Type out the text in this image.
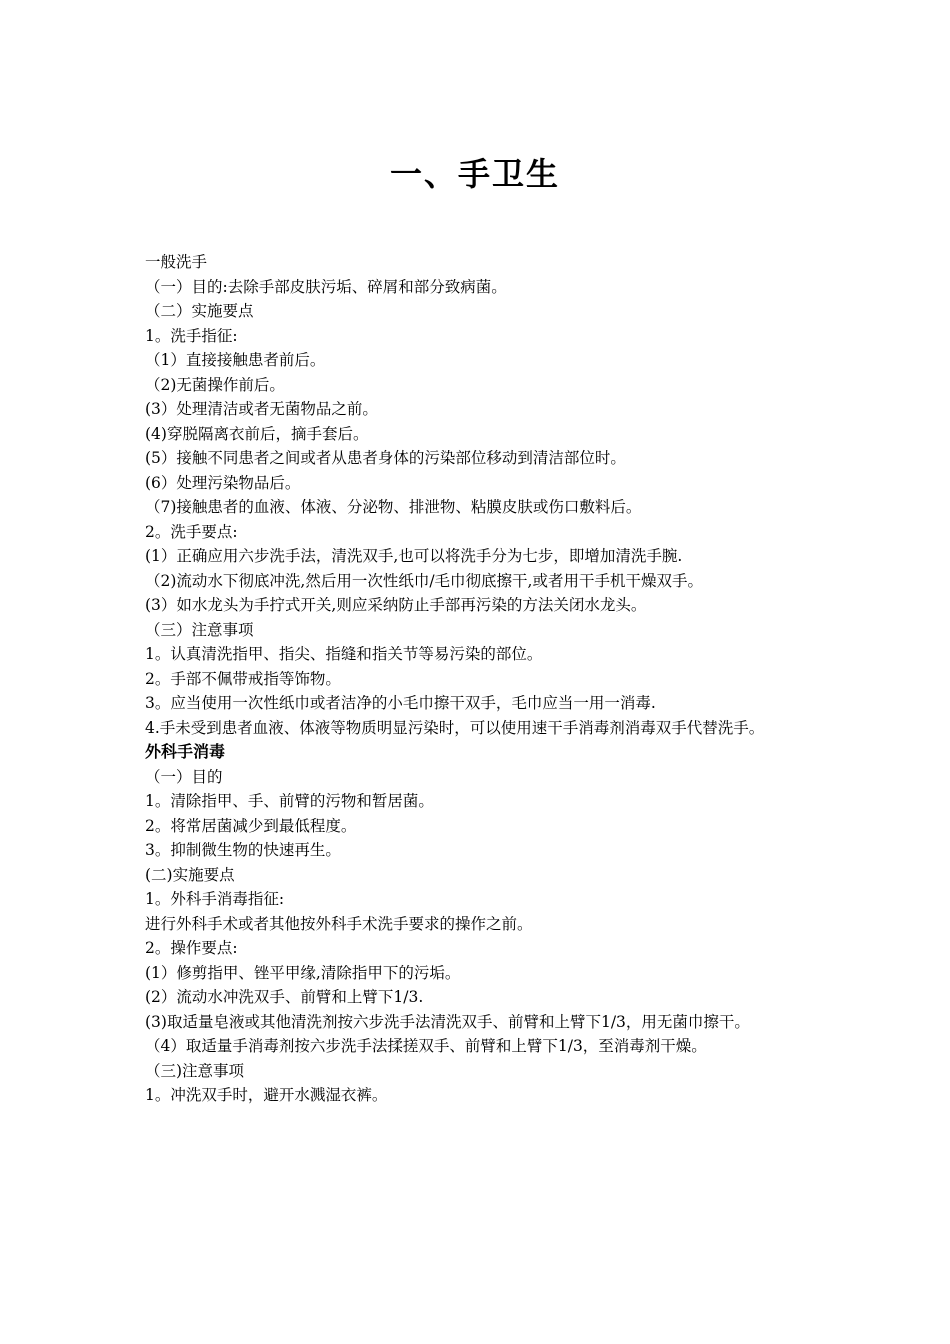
一、手卫生

一般洗手

（一）目的:去除手部皮肤污垢、碎屑和部分致病菌。

（二）实施要点

1。洗手指征:

（1）直接接触患者前后。

（2)无菌操作前后。

(3）处理清洁或者无菌物品之前。

(4)穿脱隔离衣前后，摘手套后。

(5）接触不同患者之间或者从患者身体的污染部位移动到清洁部位时。

(6）处理污染物品后。

（7)接触患者的血液、体液、分泌物、排泄物、粘膜皮肤或伤口敷料后。

2。洗手要点:

(1）正确应用六步洗手法，清洗双手,也可以将洗手分为七步，即增加清洗手腕.

（2)流动水下彻底冲洗,然后用一次性纸巾/毛巾彻底擦干,或者用干手机干燥双手。

(3）如水龙头为手拧式开关,则应采纳防止手部再污染的方法关闭水龙头。

（三）注意事项

1。认真清洗指甲、指尖、指缝和指关节等易污染的部位。

2。手部不佩带戒指等饰物。

3。应当使用一次性纸巾或者洁净的小毛巾擦干双手，毛巾应当一用一消毒.

4.手未受到患者血液、体液等物质明显污染时，可以使用速干手消毒剂消毒双手代替洗手。

外科手消毒

（一）目的

1。清除指甲、手、前臂的污物和暂居菌。

2。将常居菌减少到最低程度。

3。抑制微生物的快速再生。

(二)实施要点

1。外科手消毒指征:

进行外科手术或者其他按外科手术洗手要求的操作之前。

2。操作要点:

(1）修剪指甲、锉平甲缘,清除指甲下的污垢。

(2）流动水冲洗双手、前臂和上臂下1/3.

(3)取适量皂液或其他清洗剂按六步洗手法清洗双手、前臂和上臂下1/3，用无菌巾擦干。

（4）取适量手消毒剂按六步洗手法揉搓双手、前臂和上臂下1/3，至消毒剂干燥。

（三)注意事项

1。冲洗双手时，避开水溅湿衣裤。
